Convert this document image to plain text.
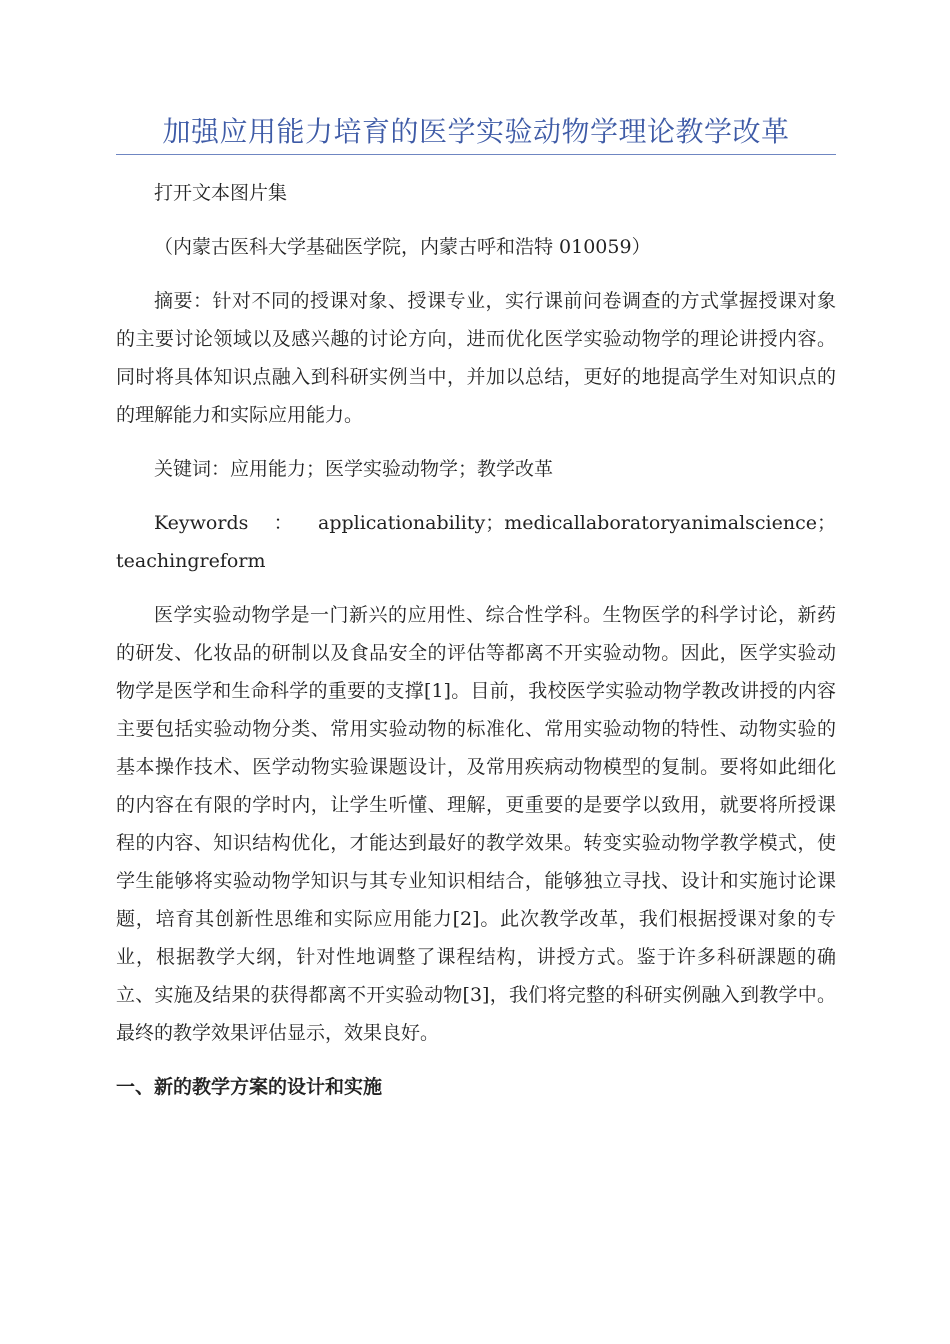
加强应用能力培育的医学实验动物学理论教学改革

打开文本图片集

（内蒙古医科大学基础医学院，内蒙古呼和浩特 010059）

摘要：针对不同的授课对象、授课专业，实行课前问卷调查的方式掌握授课对象的主要讨论领域以及感兴趣的讨论方向，进而优化医学实验动物学的理论讲授内容。同时将具体知识点融入到科研实例当中，并加以总结，更好的地提高学生对知识点的的理解能力和实际应用能力。

关键词：应用能力；医学实验动物学；教学改革

Keywords：applicationability；medicallaboratoryanimalscience；teachingreform

医学实验动物学是一门新兴的应用性、综合性学科。生物医学的科学讨论，新药的研发、化妆品的研制以及食品安全的评估等都离不开实验动物。因此，医学实验动物学是医学和生命科学的重要的支撑[1]。目前，我校医学实验动物学教改讲授的内容主要包括实验动物分类、常用实验动物的标准化、常用实验动物的特性、动物实验的基本操作技术、医学动物实验课题设计，及常用疾病动物模型的复制。要将如此细化的内容在有限的学时内，让学生听懂、理解，更重要的是要学以致用，就要将所授课程的内容、知识结构优化，才能达到最好的教学效果。转变实验动物学教学模式，使学生能够将实验动物学知识与其专业知识相结合，能够独立寻找、设计和实施讨论课题，培育其创新性思维和实际应用能力[2]。此次教学改革，我们根据授课对象的专业，根据教学大纲，针对性地调整了课程结构，讲授方式。鉴于许多科研課题的确立、实施及结果的获得都离不开实验动物[3]，我们将完整的科研实例融入到教学中。最终的教学效果评估显示，效果良好。

一、新的教学方案的设计和实施
